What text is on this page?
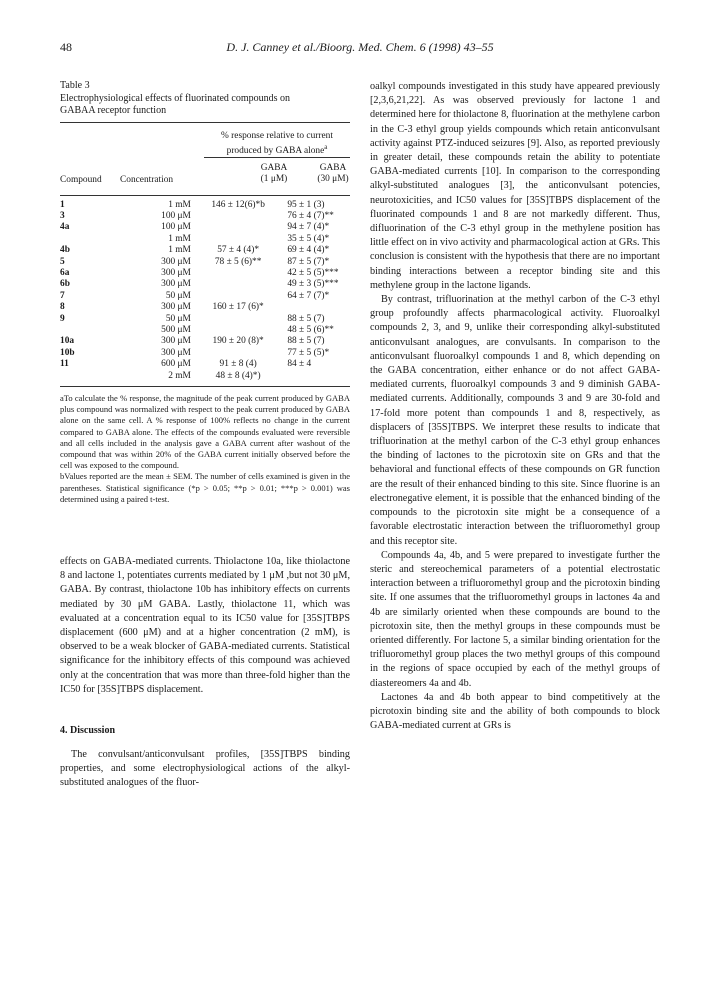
48	D. J. Canney et al./Bioorg. Med. Chem. 6 (1998) 43–55
Table 3
Electrophysiological effects of fluorinated compounds on
GABAA receptor function
% response relative to current
produced by GABA alone$^a$
Compound Concentration
GABA
(1 μM)
GABA
(30 μM)
1	1 mM	146 ± 12(6)*b	95 ± 1 (3)
3	100 μM		76 ± 4 (7)**
4a	100 μM		94 ± 7 (4)*
	1 mM		35 ± 5 (4)*
4b	1 mM	57 ± 4 (4)*	69 ± 4 (4)*
5	300 μM	78 ± 5 (6)**	87 ± 5 (7)*
6a	300 μM		42 ± 5 (5)***
6b	300 μM		49 ± 3 (5)***
7	50 μM		64 ± 7 (7)*
8	300 μM	160 ± 17 (6)*	
9	50 μM		88 ± 5 (7)
	500 μM		48 ± 5 (6)**
10a	300 μM	190 ± 20 (8)*	88 ± 5 (7)
10b	300 μM		77 ± 5 (5)*
11	600 μM	91 ± 8 (4)	84 ± 4
	2 mM	48 ± 8 (4)*)	
aTo calculate the % response, the magnitude of the peak current produced by GABA plus compound was normalized with respect to the peak current produced by GABA alone on the same cell. A % response of 100% reflects no change in the current compared to GABA alone. The effects of the compounds evaluated were reversible and all cells included in the analysis gave a GABA current after washout of the compound that was within 20% of the GABA current initially observed before the cell was exposed to the compound.
bValues reported are the mean ± SEM. The number of cells examined is given in the parentheses. Statistical significance (*p > 0.05; **p > 0.01; ***p > 0.001) was determined using a paired t-test.

effects on GABA-mediated currents. Thiolactone 10a, like thiolactone 8 and lactone 1, potentiates currents mediated by 1 μM ,but not 30 μM, GABA. By contrast, thiolactone 10b has inhibitory effects on currents mediated by 30 μM GABA. Lastly, thiolactone 11, which was evaluated at a concentration equal to its IC50 value for [35S]TBPS displacement (600 μM) and at a higher concentration (2 mM), is observed to be a weak blocker of GABA-mediated currents. Statistical significance for the inhibitory effects of this compound was achieved only at the concentration that was more than three-fold higher than the IC50 for [35S]TBPS displacement.

4. Discussion

The convulsant/anticonvulsant profiles, [35S]TBPS binding properties, and some electrophysiological actions of the alkyl-substituted analogues of the fluor-

oalkyl compounds investigated in this study have appeared previously [2,3,6,21,22]. As was observed previously for lactone 1 and determined here for thiolactone 8, fluorination at the methylene carbon in the C-3 ethyl group yields compounds which retain anticonvulsant activity against PTZ-induced seizures [9]. Also, as reported previously in greater detail, these compounds retain the ability to potentiate GABA-mediated currents [10]. In comparison to the corresponding alkyl-substituted analogues [3], the anticonvulsant potencies, neurotoxicities, and IC50 values for [35S]TBPS displacement of the fluorinated compounds 1 and 8 are not markedly different. Thus, difluorination of the C-3 ethyl group in the methylene position has little effect on in vivo activity and pharmacological action at GRs. This conclusion is consistent with the hypothesis that there are no important binding interactions between a receptor binding site and this methylene group in the lactone ligands.

By contrast, trifluorination at the methyl carbon of the C-3 ethyl group profoundly affects pharmacological activity. Fluoroalkyl compounds 2, 3, and 9, unlike their corresponding alkyl-substituted anticonvulsant analogues, are convulsants. In comparison to the anticonvulsant fluoroalkyl compounds 1 and 8, which depending on the GABA concentration, either enhance or do not affect GABA-mediated currents, fluoroalkyl compounds 3 and 9 diminish GABA-mediated currents. Additionally, compounds 3 and 9 are 30-fold and 17-fold more potent than compounds 1 and 8, respectively, as displacers of [35S]TBPS. We interpret these results to indicate that trifluorination at the methyl carbon of the C-3 ethyl group enhances the binding of lactones to the picrotoxin site on GRs and that the behavioral and functional effects of these compounds on GR function are the result of their enhanced binding to this site. Since fluorine is an electronegative element, it is possible that the enhanced binding of the compounds to the picrotoxin site might be a consequence of a favorable electrostatic interaction between the trifluoromethyl group and this receptor site.

Compounds 4a, 4b, and 5 were prepared to investigate further the steric and stereochemical parameters of a potential electrostatic interaction between a trifluoromethyl group and the picrotoxin binding site. If one assumes that the trifluoromethyl groups in lactones 4a and 4b are similarly oriented when these compounds are bound to the picrotoxin site, then the methyl groups in these compounds must be oriented differently. For lactone 5, a similar binding orientation for the trifluoromethyl group places the two methyl groups of this compound in the regions of space occupied by each of the methyl groups of diastereomers 4a and 4b.

Lactones 4a and 4b both appear to bind competitively at the picrotoxin binding site and the ability of both compounds to block GABA-mediated current at GRs is
